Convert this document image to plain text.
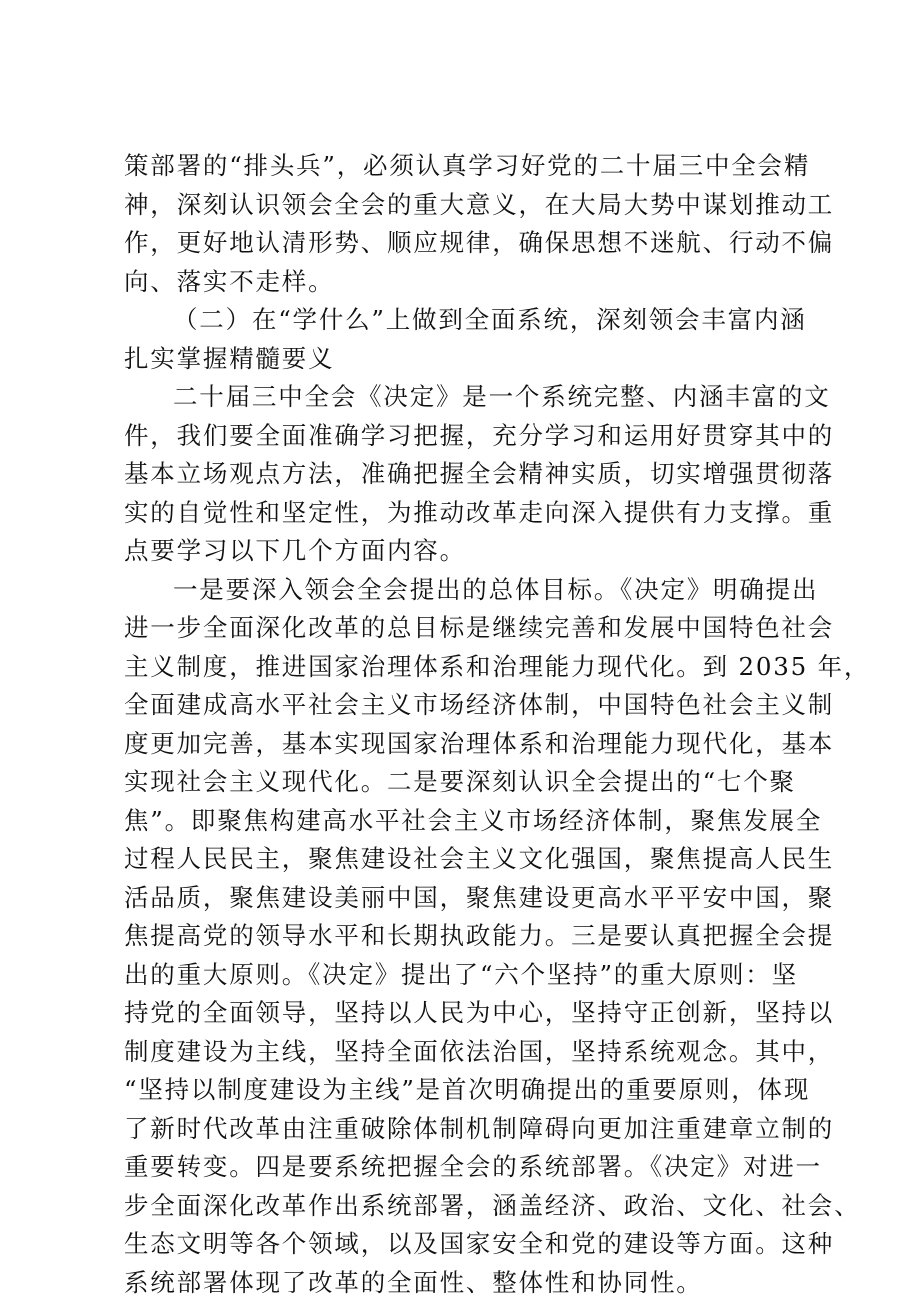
策部署的“排头兵”，必须认真学习好党的二十届三中全会精
神，深刻认识领会全会的重大意义，在大局大势中谋划推动工
作，更好地认清形势、顺应规律，确保思想不迷航、行动不偏
向、落实不走样。
（二）在“学什么”上做到全面系统，深刻领会丰富内涵
扎实掌握精髓要义
二十届三中全会《决定》是一个系统完整、内涵丰富的文
件，我们要全面准确学习把握，充分学习和运用好贯穿其中的
基本立场观点方法，准确把握全会精神实质，切实增强贯彻落
实的自觉性和坚定性，为推动改革走向深入提供有力支撑。重
点要学习以下几个方面内容。
一是要深入领会全会提出的总体目标。《决定》明确提出
进一步全面深化改革的总目标是继续完善和发展中国特色社会
主义制度，推进国家治理体系和治理能力现代化。到 2035 年，
全面建成高水平社会主义市场经济体制，中国特色社会主义制
度更加完善，基本实现国家治理体系和治理能力现代化，基本
实现社会主义现代化。二是要深刻认识全会提出的“七个聚
焦”。即聚焦构建高水平社会主义市场经济体制，聚焦发展全
过程人民民主，聚焦建设社会主义文化强国，聚焦提高人民生
活品质，聚焦建设美丽中国，聚焦建设更高水平平安中国，聚
焦提高党的领导水平和长期执政能力。三是要认真把握全会提
出的重大原则。《决定》提出了“六个坚持”的重大原则：坚
持党的全面领导，坚持以人民为中心，坚持守正创新，坚持以
制度建设为主线，坚持全面依法治国，坚持系统观念。其中，
“坚持以制度建设为主线”是首次明确提出的重要原则，体现
了新时代改革由注重破除体制机制障碍向更加注重建章立制的
重要转变。四是要系统把握全会的系统部署。《决定》对进一
步全面深化改革作出系统部署，涵盖经济、政治、文化、社会、
生态文明等各个领域，以及国家安全和党的建设等方面。这种
系统部署体现了改革的全面性、整体性和协同性。
